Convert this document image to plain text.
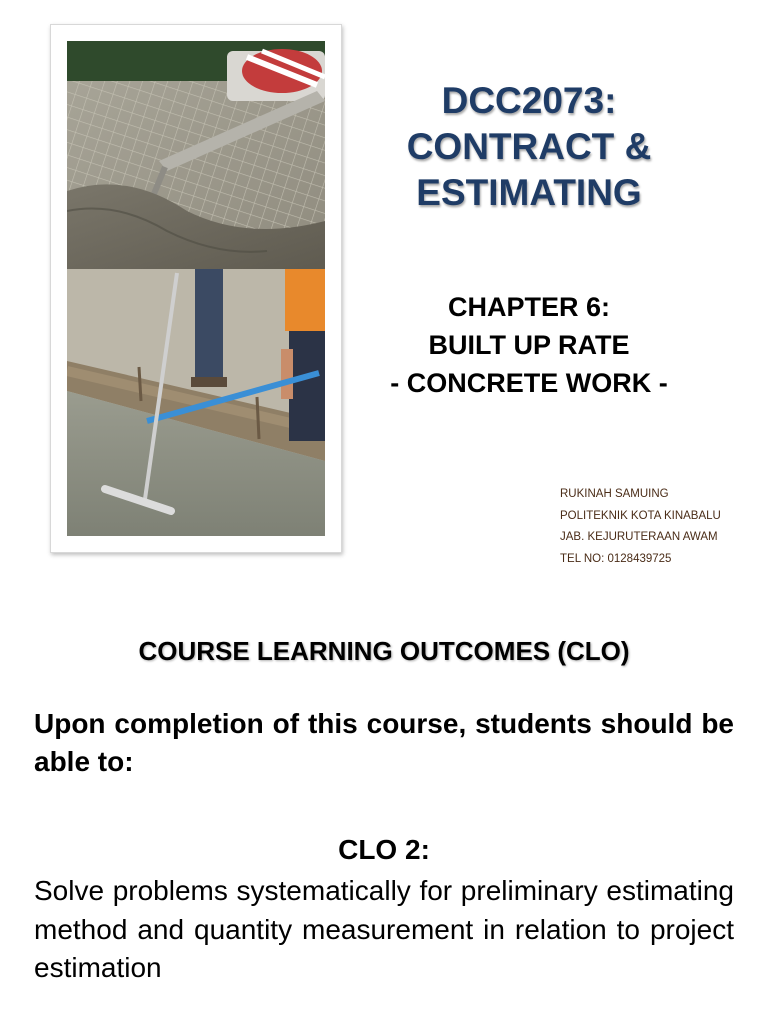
DCC2073:
CONTRACT &
ESTIMATING
CHAPTER 6:
BUILT UP RATE
- CONCRETE WORK -
RUKINAH SAMUING
POLITEKNIK KOTA KINABALU
JAB. KEJURUTERAAN AWAM
TEL NO: 0128439725
COURSE LEARNING OUTCOMES (CLO)
Upon completion of this course, students should be able to:
CLO 2:
Solve problems systematically for preliminary estimating method and quantity measurement in relation to project estimation
